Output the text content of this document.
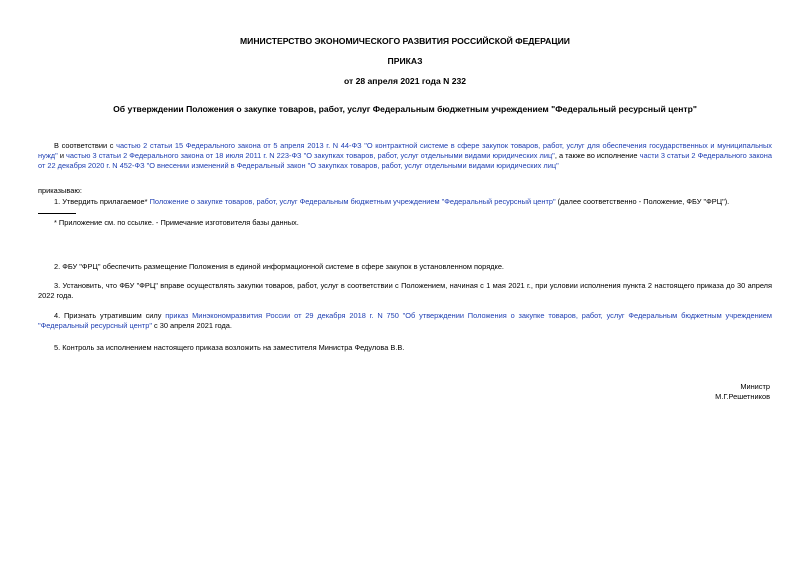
МИНИСТЕРСТВО ЭКОНОМИЧЕСКОГО РАЗВИТИЯ РОССИЙСКОЙ ФЕДЕРАЦИИ
ПРИКАЗ
от 28 апреля 2021 года N 232
Об утверждении Положения о закупке товаров, работ, услуг Федеральным бюджетным учреждением "Федеральный ресурсный центр"
В соответствии с частью 2 статьи 15 Федерального закона от 5 апреля 2013 г. N 44-ФЗ "О контрактной системе в сфере закупок товаров, работ, услуг для обеспечения государственных и муниципальных нужд" и частью 3 статьи 2 Федерального закона от 18 июля 2011 г. N 223-ФЗ "О закупках товаров, работ, услуг отдельными видами юридических лиц", а также во исполнение части 3 статьи 2 Федерального закона от 22 декабря 2020 г. N 452-ФЗ "О внесении изменений в Федеральный закон "О закупках товаров, работ, услуг отдельными видами юридических лиц"
приказываю:
1. Утвердить прилагаемое* Положение о закупке товаров, работ, услуг Федеральным бюджетным учреждением "Федеральный ресурсный центр" (далее соответственно - Положение, ФБУ "ФРЦ").
* Приложение см. по ссылке. - Примечание изготовителя базы данных.
2. ФБУ "ФРЦ" обеспечить размещение Положения в единой информационной системе в сфере закупок в установленном порядке.
3. Установить, что ФБУ "ФРЦ" вправе осуществлять закупки товаров, работ, услуг в соответствии с Положением, начиная с 1 мая 2021 г., при условии исполнения пункта 2 настоящего приказа до 30 апреля 2022 года.
4. Признать утратившим силу приказ Минэкономразвития России от 29 декабря 2018 г. N 750 "Об утверждении Положения о закупке товаров, работ, услуг Федеральным бюджетным учреждением "Федеральный ресурсный центр" с 30 апреля 2021 года.
5. Контроль за исполнением настоящего приказа возложить на заместителя Министра Федулова В.В.
Министр
М.Г.Решетников
